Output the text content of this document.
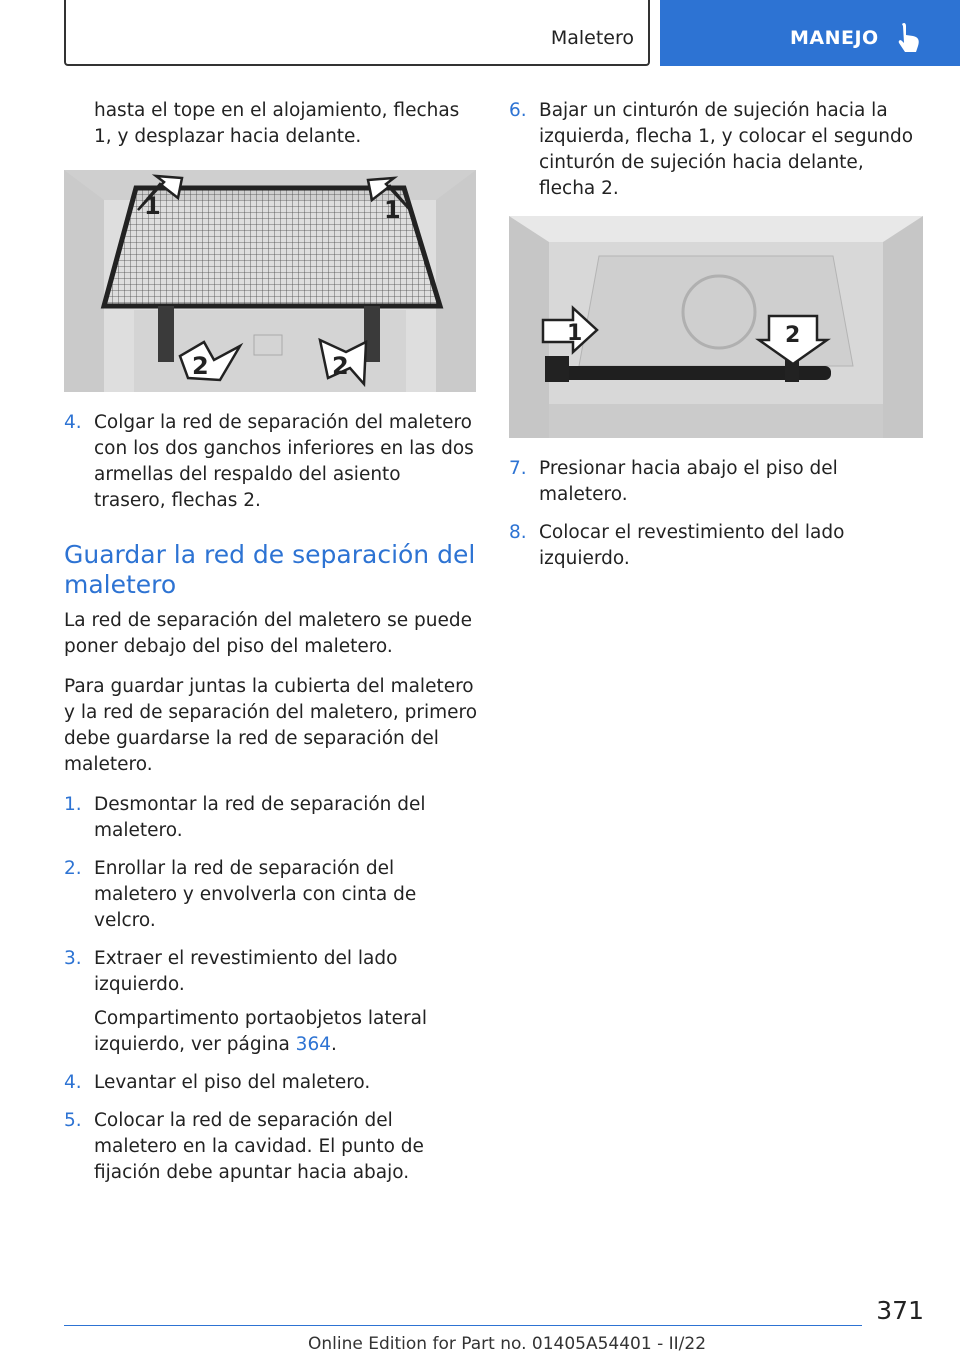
Maletero	MANEJO

hasta el tope en el alojamiento, flechas 1, y desplazar hacia delante.

1	1
2	2
4. Colgar la red de separación del maletero con los dos ganchos inferiores en las dos armellas del respaldo del asiento trasero, flechas 2.
Guardar la red de separación del maletero

La red de separación del maletero se puede poner debajo del piso del maletero.

Para guardar juntas la cubierta del maletero y la red de separación del maletero, primero debe guardarse la red de separación del maletero.

1. Desmontar la red de separación del maletero.
2. Enrollar la red de separación del maletero y envolverla con cinta de velcro.
3. Extraer el revestimiento del lado izquierdo.

Compartimento portaobjetos lateral izquierdo, ver página 364.

4. Levantar el piso del maletero.
5. Colocar la red de separación del maletero en la cavidad. El punto de fijación debe apuntar hacia abajo.
6. Bajar un cinturón de sujeción hacia la izquierda, flecha 1, y colocar el segundo cinturón de sujeción hacia delante, flecha 2.
1	2
7. Presionar hacia abajo el piso del maletero.
8. Colocar el revestimiento del lado izquierdo.
371
Online Edition for Part no. 01405A54401 - II/22
